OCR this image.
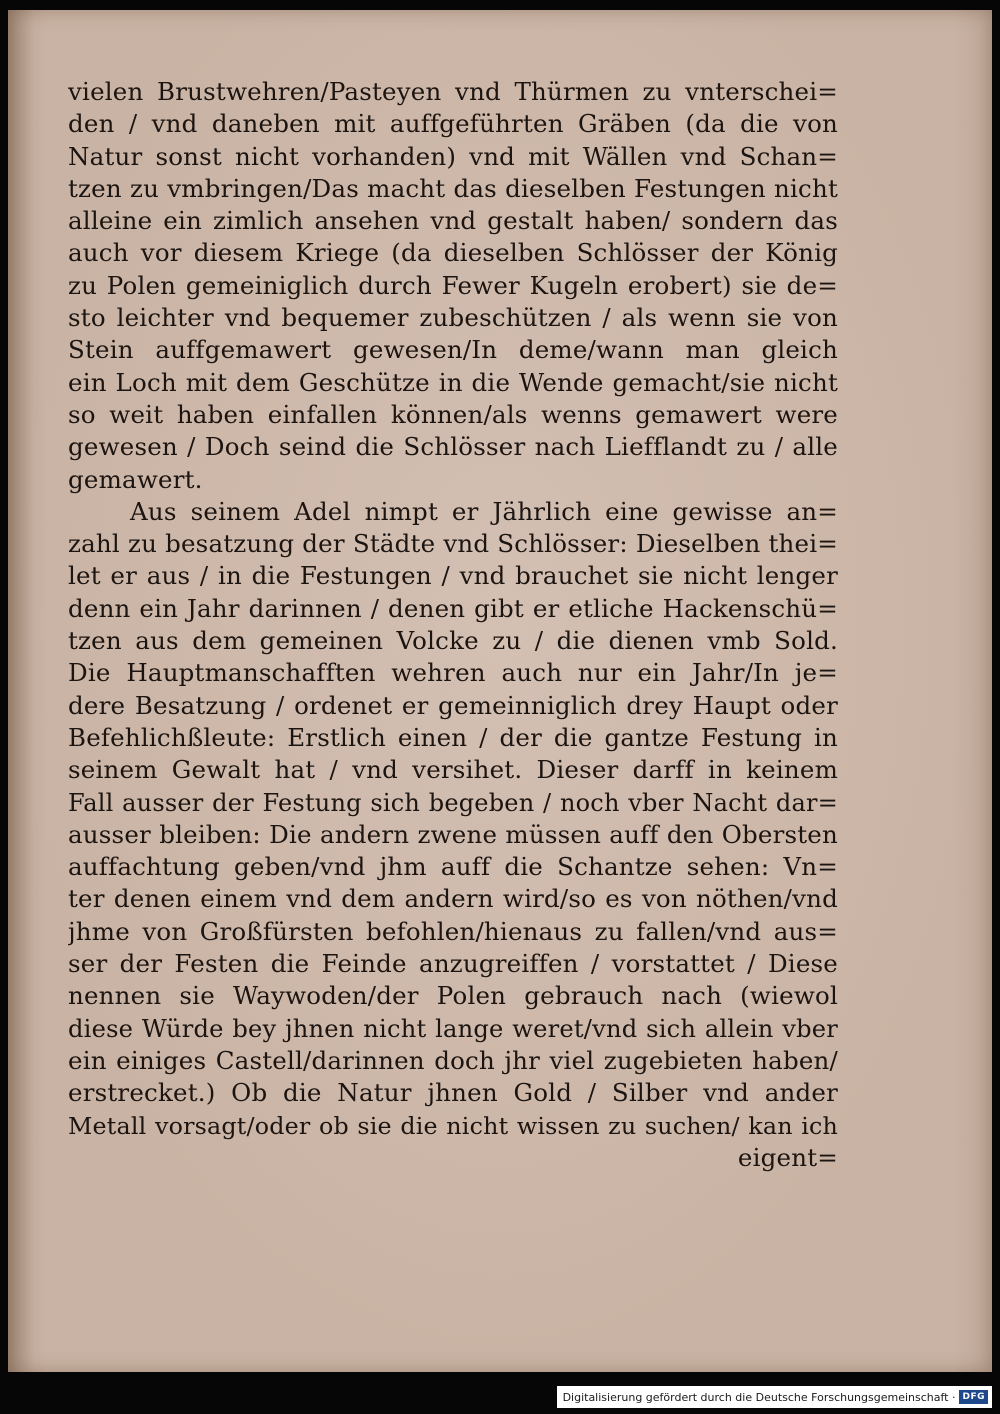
vielen Brustwehren/Pasteyen vnd Thürmen zu vnterschei=
den / vnd daneben mit auffgeführten Gräben (da die von
Natur sonst nicht vorhanden) vnd mit Wällen vnd Schan=
tzen zu vmbringen/Das macht das dieselben Festungen nicht
alleine ein zimlich ansehen vnd gestalt haben/ sondern das
auch vor diesem Kriege (da dieselben Schlösser der König
zu Polen gemeiniglich durch Fewer Kugeln erobert) sie de=
sto leichter vnd bequemer zubeschützen / als wenn sie von
Stein auffgemawert gewesen/In deme/wann man gleich
ein Loch mit dem Geschütze in die Wende gemacht/sie nicht
so weit haben einfallen können/als wenns gemawert were
gewesen / Doch seind die Schlösser nach Liefflandt zu / alle
gemawert.
Aus seinem Adel nimpt er Jährlich eine gewisse an=
zahl zu besatzung der Städte vnd Schlösser: Dieselben thei=
let er aus / in die Festungen / vnd brauchet sie nicht lenger
denn ein Jahr darinnen / denen gibt er etliche Hackenschü=
tzen aus dem gemeinen Volcke zu / die dienen vmb Sold.
Die Hauptmanschafften wehren auch nur ein Jahr/In je=
dere Besatzung / ordenet er gemeinniglich drey Haupt oder
Befehlichßleute: Erstlich einen / der die gantze Festung in
seinem Gewalt hat / vnd versihet. Dieser darff in keinem
Fall ausser der Festung sich begeben / noch vber Nacht dar=
ausser bleiben: Die andern zwene müssen auff den Obersten
auffachtung geben/vnd jhm auff die Schantze sehen: Vn=
ter denen einem vnd dem andern wird/so es von nöthen/vnd
jhme von Großfürsten befohlen/hienaus zu fallen/vnd aus=
ser der Festen die Feinde anzugreiffen / vorstattet / Diese
nennen sie Waywoden/der Polen gebrauch nach (wiewol
diese Würde bey jhnen nicht lange weret/vnd sich allein vber
ein einiges Castell/darinnen doch jhr viel zugebieten haben/
erstrecket.) Ob die Natur jhnen Gold / Silber vnd ander
Metall vorsagt/oder ob sie die nicht wissen zu suchen/ kan ich
eigent=
Digitalisierung gefördert durch die Deutsche Forschungsgemeinschaft · DFG
